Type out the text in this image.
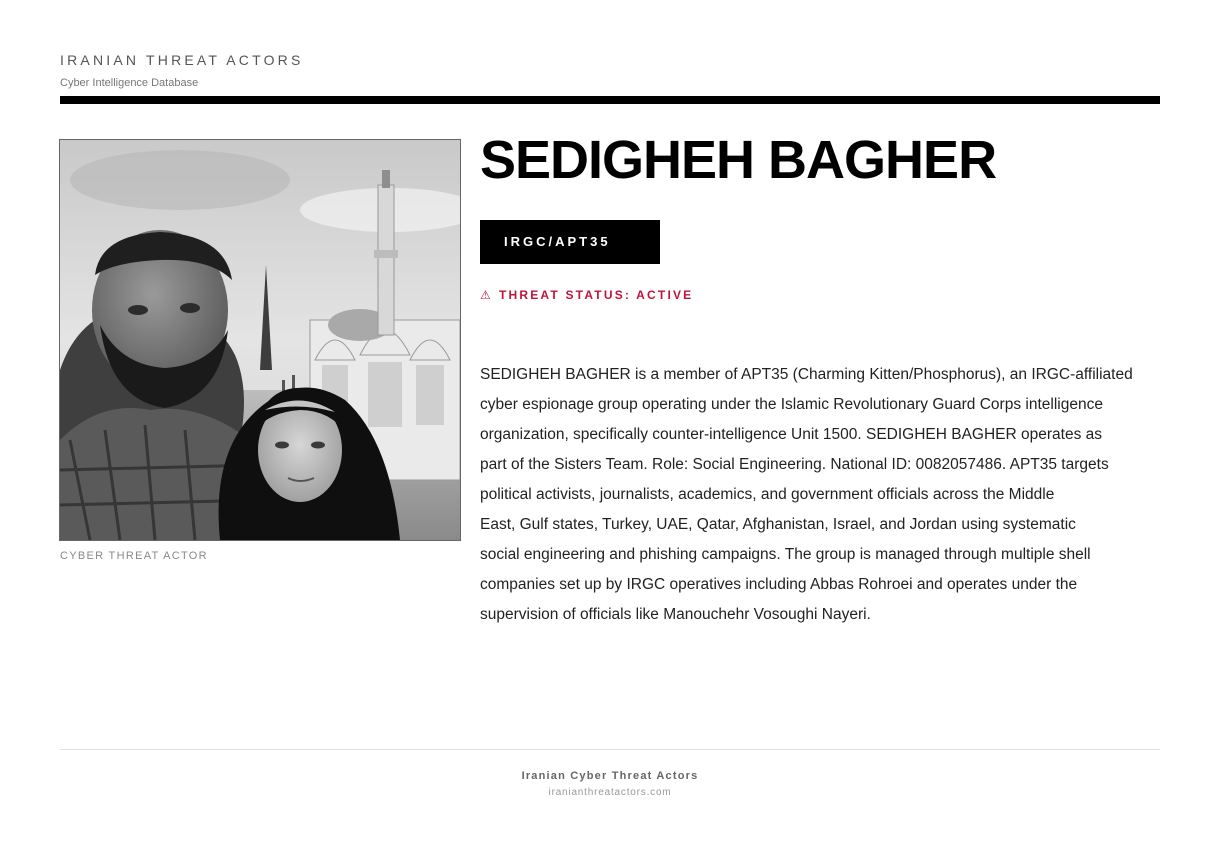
IRANIAN THREAT ACTORS
Cyber Intelligence Database
CYBER THREAT ACTOR
SEDIGHEH BAGHER
IRGC/APT35
⚠ THREAT STATUS: ACTIVE

SEDIGHEH BAGHER is a member of APT35 (Charming Kitten/Phosphorus), an IRGC-affiliated
cyber espionage group operating under the Islamic Revolutionary Guard Corps intelligence
organization, specifically counter-intelligence Unit 1500. SEDIGHEH BAGHER operates as
part of the Sisters Team. Role: Social Engineering. National ID: 0082057486. APT35 targets
political activists, journalists, academics, and government officials across the Middle
East, Gulf states, Turkey, UAE, Qatar, Afghanistan, Israel, and Jordan using systematic
social engineering and phishing campaigns. The group is managed through multiple shell
companies set up by IRGC operatives including Abbas Rohroei and operates under the
supervision of officials like Manouchehr Vosoughi Nayeri.

Iranian Cyber Threat Actors
iranianthreatactors.com
